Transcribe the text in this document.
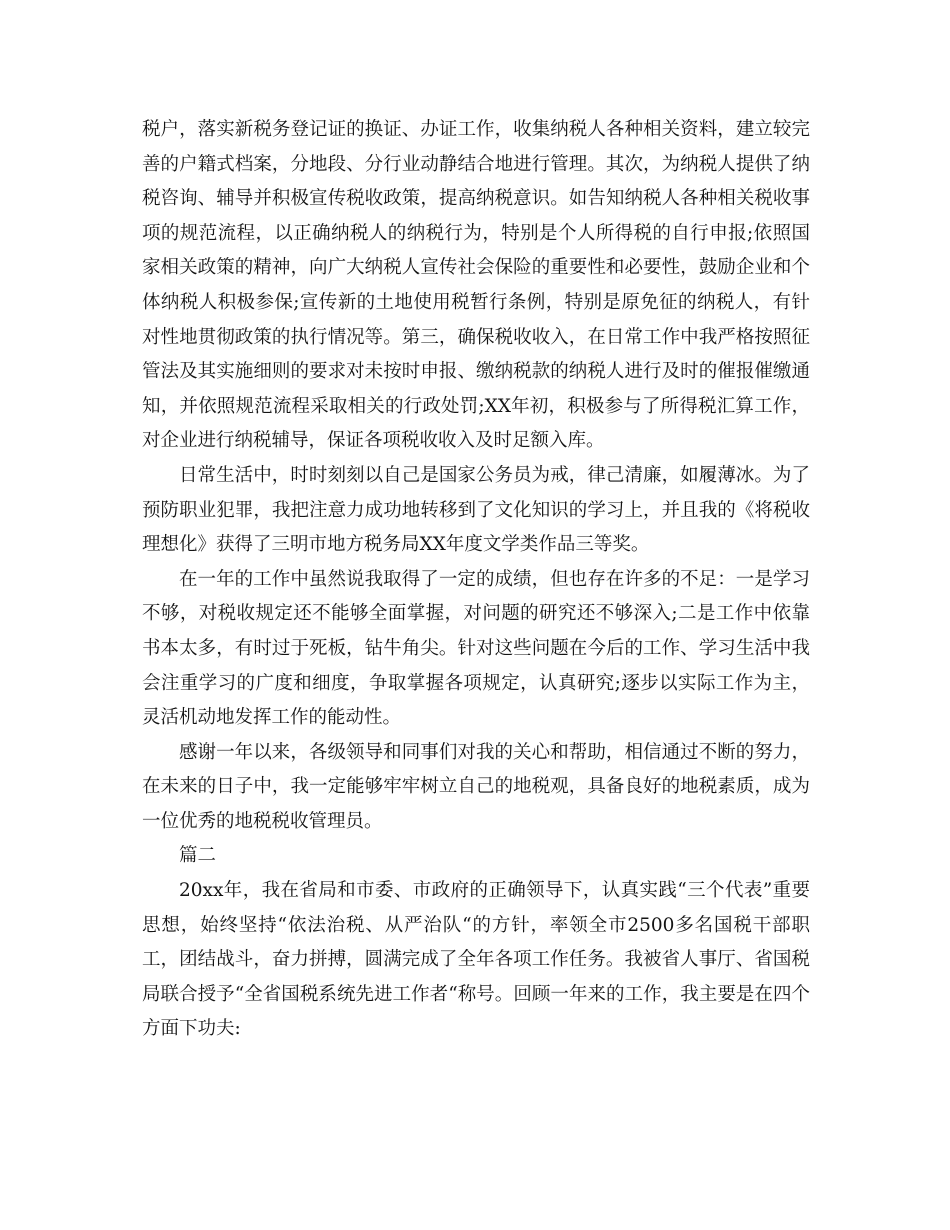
税户，落实新税务登记证的换证、办证工作，收集纳税人各种相关资料，建立较完善的户籍式档案，分地段、分行业动静结合地进行管理。其次，为纳税人提供了纳税咨询、辅导并积极宣传税收政策，提高纳税意识。如告知纳税人各种相关税收事项的规范流程，以正确纳税人的纳税行为，特别是个人所得税的自行申报;依照国家相关政策的精神，向广大纳税人宣传社会保险的重要性和必要性，鼓励企业和个体纳税人积极参保;宣传新的土地使用税暂行条例，特别是原免征的纳税人，有针对性地贯彻政策的执行情况等。第三，确保税收收入，在日常工作中我严格按照征管法及其实施细则的要求对未按时申报、缴纳税款的纳税人进行及时的催报催缴通知，并依照规范流程采取相关的行政处罚;XX年初，积极参与了所得税汇算工作，对企业进行纳税辅导，保证各项税收收入及时足额入库。

日常生活中，时时刻刻以自己是国家公务员为戒，律己清廉，如履薄冰。为了预防职业犯罪，我把注意力成功地转移到了文化知识的学习上，并且我的《将税收理想化》获得了三明市地方税务局XX年度文学类作品三等奖。

在一年的工作中虽然说我取得了一定的成绩，但也存在许多的不足：一是学习不够，对税收规定还不能够全面掌握，对问题的研究还不够深入;二是工作中依靠书本太多，有时过于死板，钻牛角尖。针对这些问题在今后的工作、学习生活中我会注重学习的广度和细度，争取掌握各项规定，认真研究;逐步以实际工作为主，灵活机动地发挥工作的能动性。

感谢一年以来，各级领导和同事们对我的关心和帮助，相信通过不断的努力，在未来的日子中，我一定能够牢牢树立自己的地税观，具备良好的地税素质，成为一位优秀的地税税收管理员。

篇二

20xx年，我在省局和市委、市政府的正确领导下，认真实践“三个代表”重要思想，始终坚持“依法治税、从严治队“的方针，率领全市2500多名国税干部职工，团结战斗，奋力拼搏，圆满完成了全年各项工作任务。我被省人事厅、省国税局联合授予“全省国税系统先进工作者“称号。回顾一年来的工作，我主要是在四个方面下功夫:
